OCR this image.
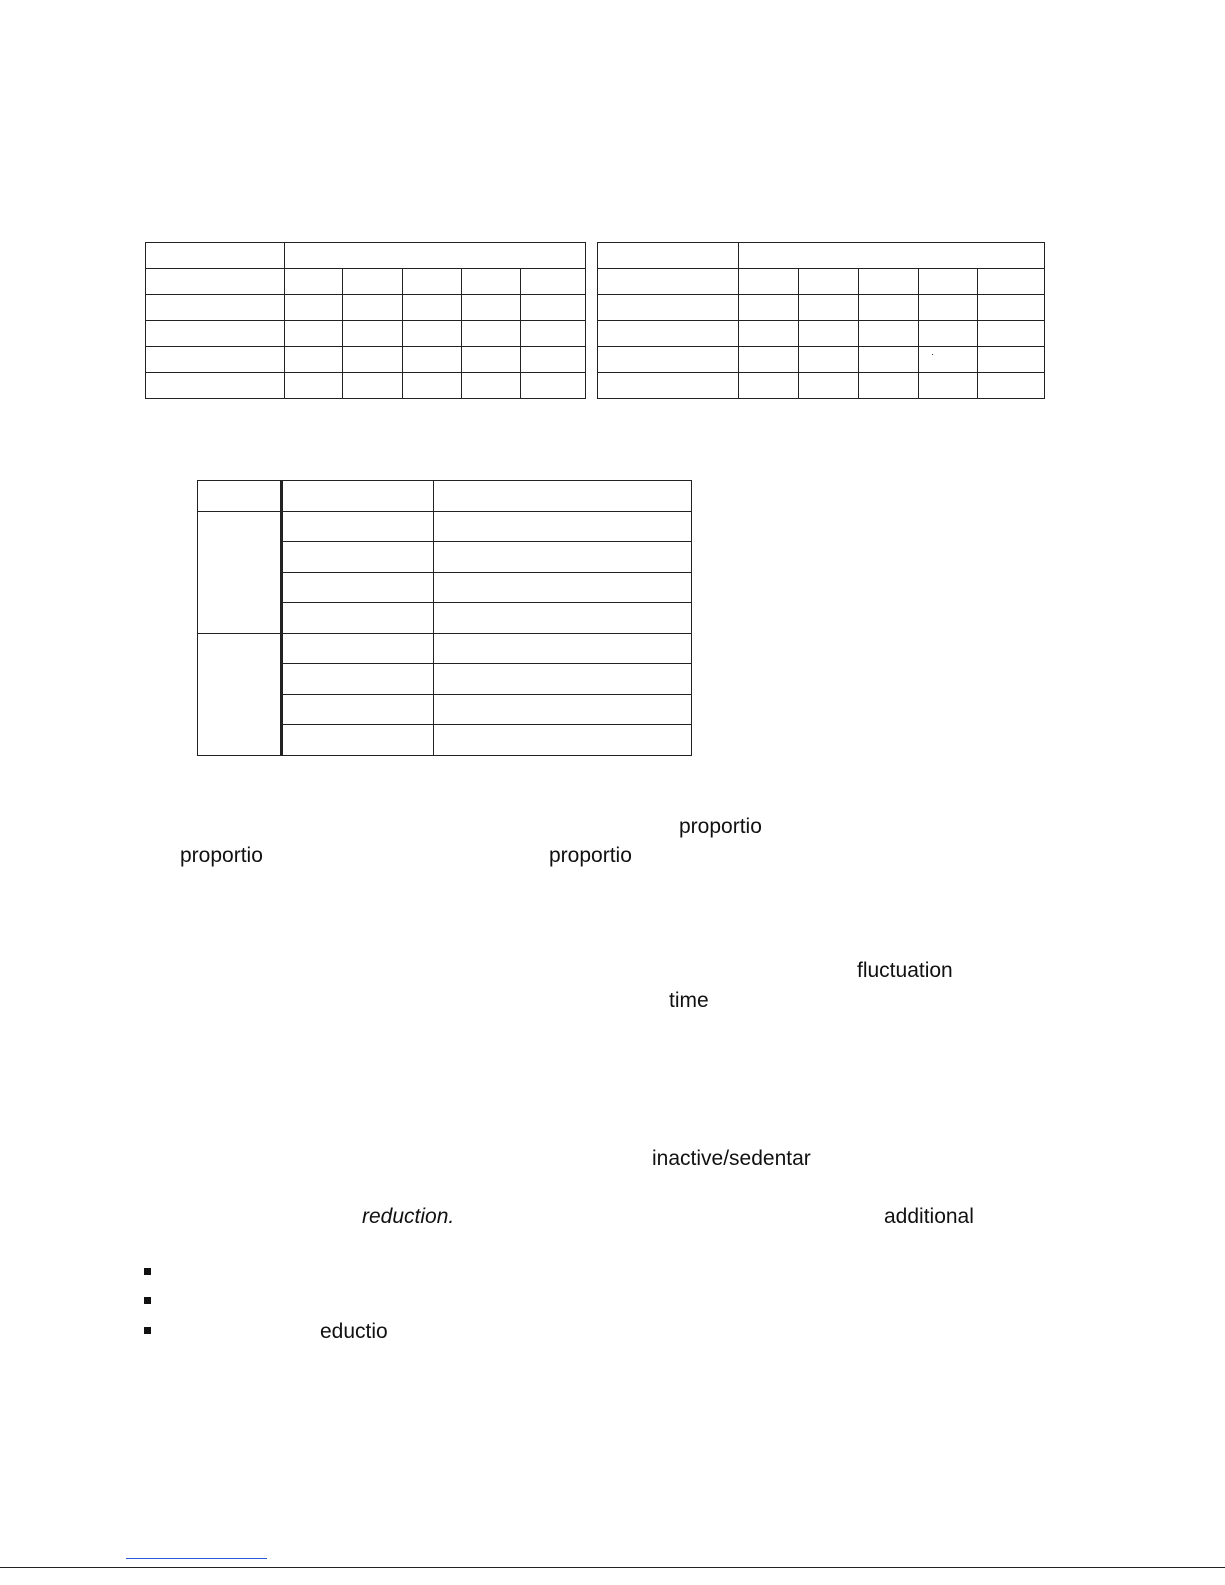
proportio
proportio	proportio
fluctuation
time
inactive/sedentar
reduction.	additional
eductio
